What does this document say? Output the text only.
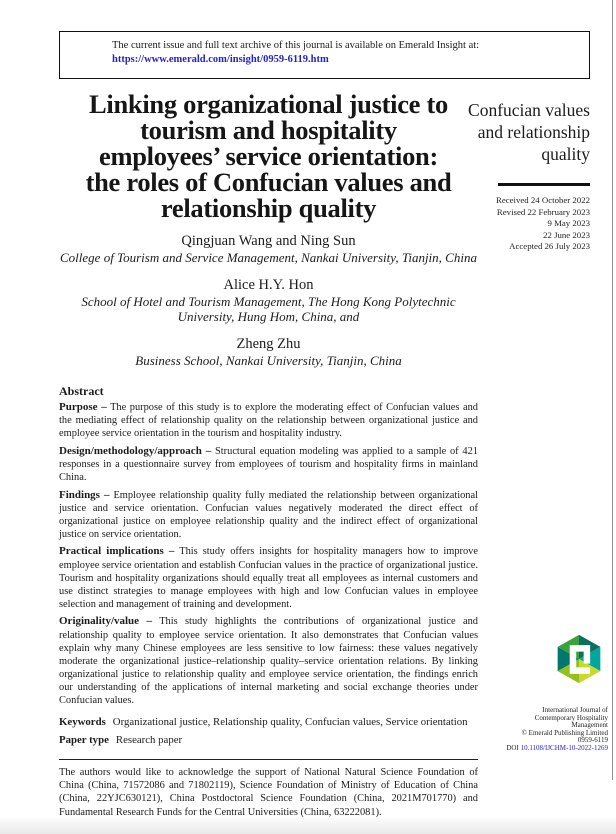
The current issue and full text archive of this journal is available on Emerald Insight at:
https://www.emerald.com/insight/0959-6119.htm
Confucian values and relationship quality
Received 24 October 2022
Revised 22 February 2023
9 May 2023
22 June 2023
Accepted 26 July 2023
Linking organizational justice to
tourism and hospitality
employees’ service orientation:
the roles of Confucian values and
relationship quality
Qingjuan Wang and Ning Sun
College of Tourism and Service Management, Nankai University, Tianjin, China
Alice H.Y. Hon
School of Hotel and Tourism Management, The Hong Kong Polytechnic University, Hung Hom, China, and
Zheng Zhu
Business School, Nankai University, Tianjin, China
Abstract

Purpose – The purpose of this study is to explore the moderating effect of Confucian values and the mediating effect of relationship quality on the relationship between organizational justice and employee service orientation in the tourism and hospitality industry.

Design/methodology/approach – Structural equation modeling was applied to a sample of 421 responses in a questionnaire survey from employees of tourism and hospitality firms in mainland China.

Findings – Employee relationship quality fully mediated the relationship between organizational justice and service orientation. Confucian values negatively moderated the direct effect of organizational justice on employee relationship quality and the indirect effect of organizational justice on service orientation.

Practical implications – This study offers insights for hospitality managers how to improve employee service orientation and establish Confucian values in the practice of organizational justice. Tourism and hospitality organizations should equally treat all employees as internal customers and use distinct strategies to manage employees with high and low Confucian values in employee selection and management of training and development.

Originality/value – This study highlights the contributions of organizational justice and relationship quality to employee service orientation. It also demonstrates that Confucian values explain why many Chinese employees are less sensitive to low fairness: these values negatively moderate the organizational justice–relationship quality–service orientation relations. By linking organizational justice to relationship quality and employee service orientation, the findings enrich our understanding of the applications of internal marketing and social exchange theories under Confucian values.

Keywords Organizational justice, Relationship quality, Confucian values, Service orientation
Paper type Research paper
The authors would like to acknowledge the support of National Natural Science Foundation of China (China, 71572086 and 71802119), Science Foundation of Ministry of Education of China (China, 22YJC630121), China Postdoctoral Science Foundation (China, 2021M701770) and Fundamental Research Funds for the Central Universities (China, 63222081).
International Journal of
Contemporary Hospitality
Management
© Emerald Publishing Limited
0959-6119
DOI 10.1108/IJCHM-10-2022-1269
